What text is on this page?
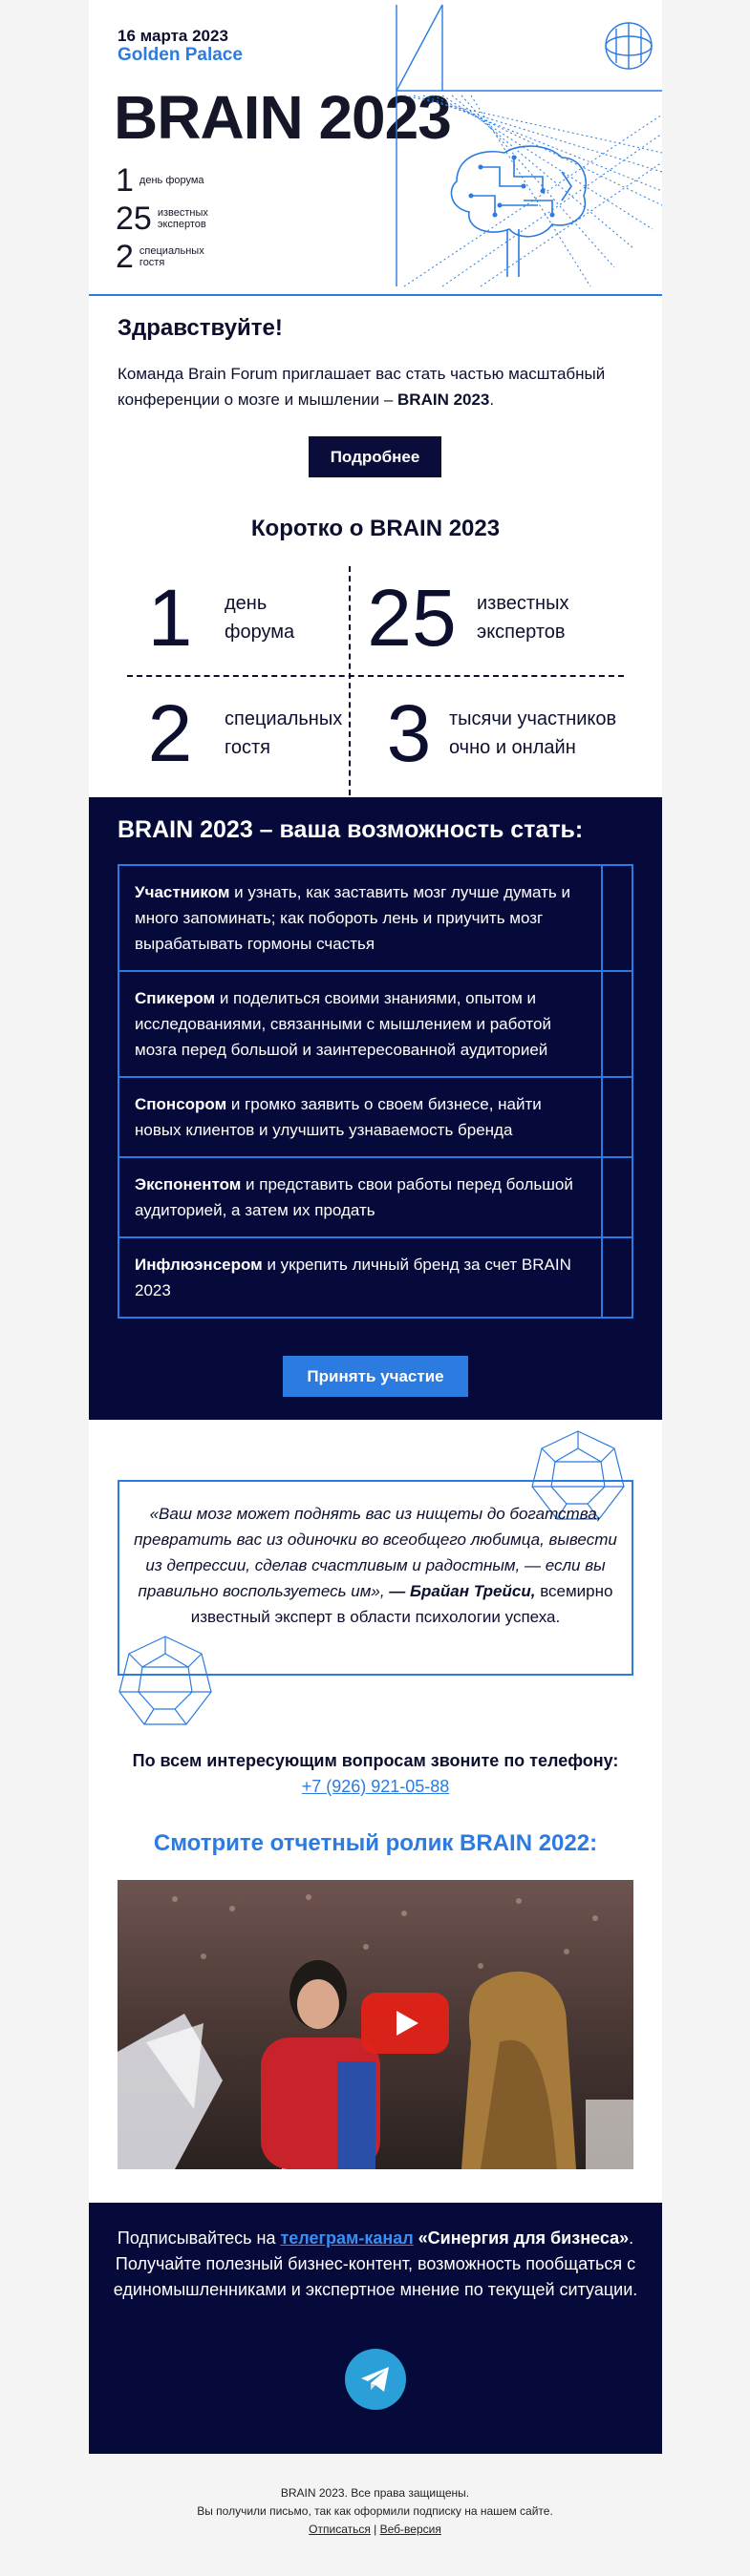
16 марта 2023
Golden Palace
BRAIN 2023
1 день форума
25 известных экспертов
2 специальных гостя
Здравствуйте!
Команда Brain Forum приглашает вас стать частью масштабный конференции о мозге и мышлении – BRAIN 2023.
Подробнее
Коротко о BRAIN 2023
1	день форума 25 известных экспертов
2	специальных гостя	3 тысячи участников очно и онлайн
BRAIN 2023 – ваша возможность стать:
Участником и узнать, как заставить мозг лучше думать и много запоминать; как побороть лень и приучить мозг вырабатывать гормоны счастья
Спикером и поделиться своими знаниями, опытом и исследованиями, связанными с мышлением и работой мозга перед большой и заинтересованной аудиторией
Спонсором и громко заявить о своем бизнесе, найти новых клиентов и улучшить узнаваемость бренда
Экспонентом и представить свои работы перед большой аудиторией, а затем их продать
Инфлюэнсером и укрепить личный бренд за счет BRAIN 2023
Принять участие
«Ваш мозг может поднять вас из нищеты до богатства, превратить вас из одиночки во всеобщего любимца, вывести из депрессии, сделав счастливым и радостным, — если вы правильно воспользуетесь им», — Брайан Трейси, всемирно известный эксперт в области психологии успеха.
По всем интересующим вопросам звоните по телефону:
+7 (926) 921-05-88
Смотрите отчетный ролик BRAIN 2022:
Подписывайтесь на телеграм-канал «Синергия для бизнеса». Получайте полезный бизнес-контент, возможность пообщаться с единомышленниками и экспертное мнение по текущей ситуации.
BRAIN 2023. Все права защищены.
Вы получили письмо, так как оформили подписку на нашем сайте.
Отписаться | Веб-версия
